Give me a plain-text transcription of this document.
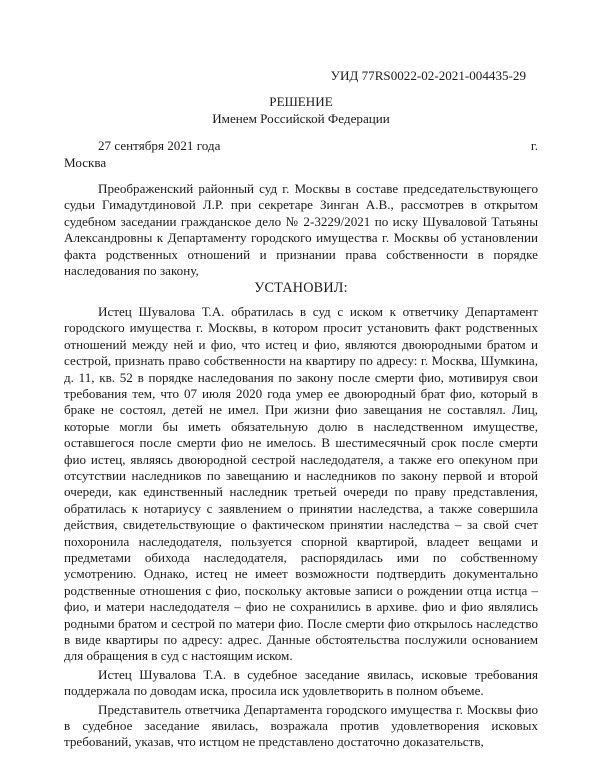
УИД 77RS0022-02-2021-004435-29
РЕШЕНИЕ
Именем Российской Федерации
27 сентября 2021 года	г.
Москва

Преображенский районный суд г. Москвы в составе председательствующего судьи Гимадутдиновой Л.Р. при секретаре Зинган А.В., рассмотрев в открытом судебном заседании гражданское дело № 2-3229/2021 по иску Шуваловой Татьяны Александровны к Департаменту городского имущества г. Москвы об установлении факта родственных отношений и признании права собственности в порядке наследования по закону,

УСТАНОВИЛ:

Истец Шувалова Т.А. обратилась в суд с иском к ответчику Департамент городского имущества г. Москвы, в котором просит установить факт родственных отношений между ней и фио, что истец и фио, являются двоюродными братом и сестрой, признать право собственности на квартиру по адресу: г. Москва, Шумкина, д. 11, кв. 52 в порядке наследования по закону после смерти фио, мотивируя свои требования тем, что 07 июля 2020 года умер ее двоюродный брат фио, который в браке не состоял, детей не имел. При жизни фио завещания не составлял. Лиц, которые могли бы иметь обязательную долю в наследственном имуществе, оставшегося после смерти фио не имелось. В шестимесячный срок после смерти фио истец, являясь двоюродной сестрой наследодателя, а также его опекуном при отсутствии наследников по завещанию и наследников по закону первой и второй очереди, как единственный наследник третьей очереди по праву представления, обратилась к нотариусу с заявлением о принятии наследства, а также совершила действия, свидетельствующие о фактическом принятии наследства – за свой счет похоронила наследодателя, пользуется спорной квартирой, владеет вещами и предметами обихода наследодателя, распорядилась ими по собственному усмотрению. Однако, истец не имеет возможности подтвердить документально родственные отношения с фио, поскольку актовые записи о рождении отца истца – фио, и матери наследодателя – фио не сохранились в архиве. фио и фио являлись родными братом и сестрой по матери фио. После смерти фио открылось наследство в виде квартиры по адресу: адрес. Данные обстоятельства послужили основанием для обращения в суд с настоящим иском.

Истец Шувалова Т.А. в судебное заседание явилась, исковые требования поддержала по доводам иска, просила иск удовлетворить в полном объеме.

Представитель ответчика Департамента городского имущества г. Москвы фио в судебное заседание явилась, возражала против удовлетворения исковых требований, указав, что истцом не представлено достаточно доказательств,
